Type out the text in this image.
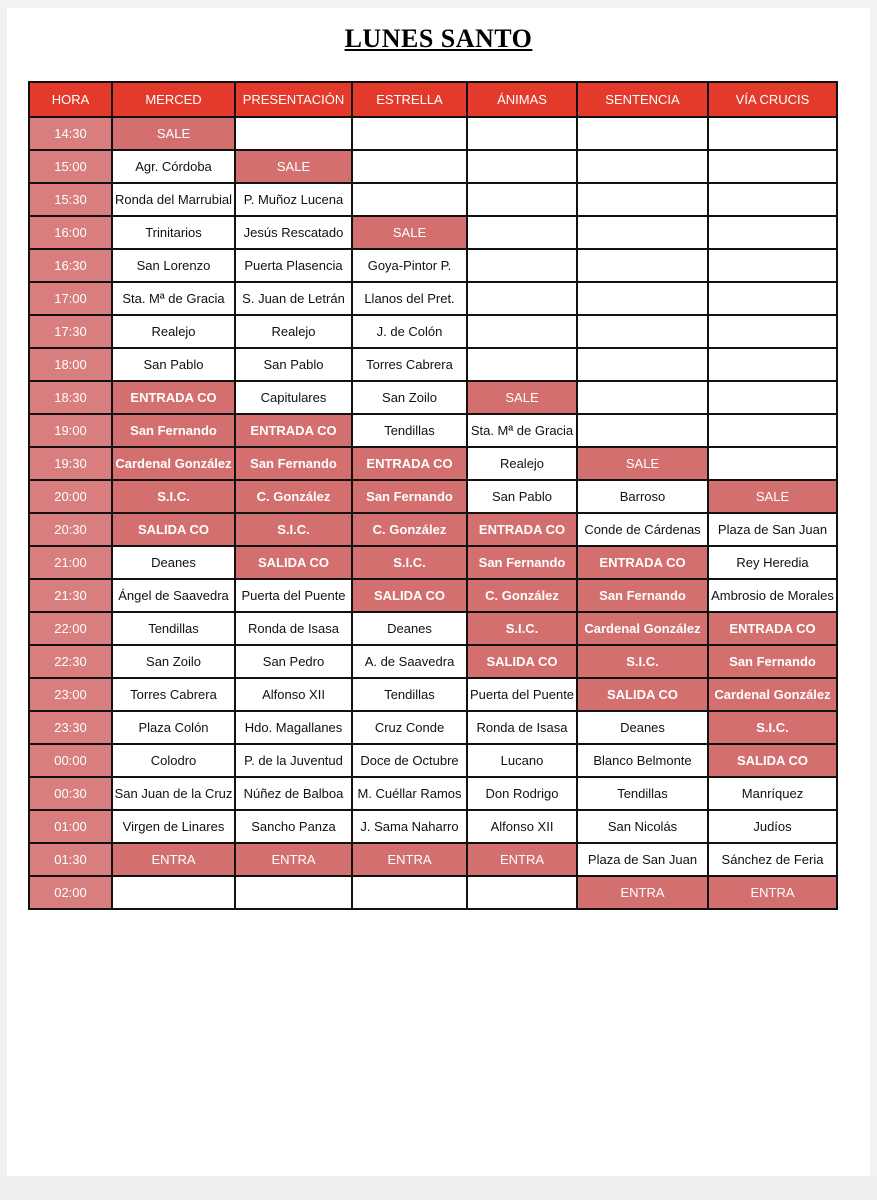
LUNES SANTO
HORA	MERCED	PRESENTACIÓN	ESTRELLA	ÁNIMAS	SENTENCIA	VÍA CRUCIS
14:30	SALE					
15:00	Agr. Córdoba	SALE				
15:30	Ronda del Marrubial	P. Muñoz Lucena				
16:00	Trinitarios	Jesús Rescatado	SALE			
16:30	San Lorenzo	Puerta Plasencia	Goya-Pintor P.			
17:00	Sta. Mª de Gracia	S. Juan de Letrán	Llanos del Pret.			
17:30	Realejo	Realejo	J. de Colón			
18:00	San Pablo	San Pablo	Torres Cabrera			
18:30	ENTRADA CO	Capitulares	San Zoilo	SALE		
19:00	San Fernando	ENTRADA CO	Tendillas	Sta. Mª de Gracia		
19:30	Cardenal González	San Fernando	ENTRADA CO	Realejo	SALE	
20:00	S.I.C.	C. González	San Fernando	San Pablo	Barroso	SALE
20:30	SALIDA CO	S.I.C.	C. González	ENTRADA CO	Conde de Cárdenas	Plaza de San Juan
21:00	Deanes	SALIDA CO	S.I.C.	San Fernando	ENTRADA CO	Rey Heredia
21:30	Ángel de Saavedra	Puerta del Puente	SALIDA CO	C. González	San Fernando	Ambrosio de Morales
22:00	Tendillas	Ronda de Isasa	Deanes	S.I.C.	Cardenal González	ENTRADA CO
22:30	San Zoilo	San Pedro	A. de Saavedra	SALIDA CO	S.I.C.	San Fernando
23:00	Torres Cabrera	Alfonso XII	Tendillas	Puerta del Puente	SALIDA CO	Cardenal González
23:30	Plaza Colón	Hdo. Magallanes	Cruz Conde	Ronda de Isasa	Deanes	S.I.C.
00:00	Colodro	P. de la Juventud	Doce de Octubre	Lucano	Blanco Belmonte	SALIDA CO
00:30	San Juan de la Cruz	Núñez de Balboa	M. Cuéllar Ramos	Don Rodrigo	Tendillas	Manríquez
01:00	Virgen de Linares	Sancho Panza	J. Sama Naharro	Alfonso XII	San Nicolás	Judíos
01:30	ENTRA	ENTRA	ENTRA	ENTRA	Plaza de San Juan	Sánchez de Feria
02:00					ENTRA	ENTRA
